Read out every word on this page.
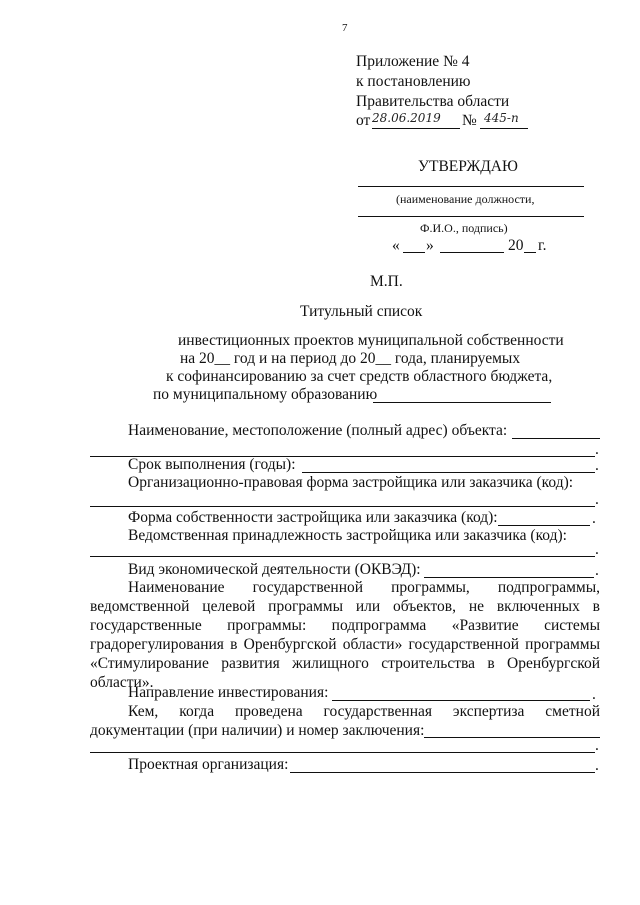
7
Приложение № 4
к постановлению
Правительства области
от 28.06.2019 № 445-п
УТВЕРЖДАЮ
(наименование должности,
Ф.И.О., подпись)
« »	20 г.
М.П.
Титульный список
инвестиционных проектов муниципальной собственности
на 20__ год и на период до 20__ года, планируемых
к софинансированию за счет средств областного бюджета,
по муниципальному образованию
Наименование, местоположение (полный адрес) объекта:
.
Срок выполнения (годы):	.
Организационно-правовая форма застройщика или заказчика (код):
.
Форма собственности застройщика или заказчика (код):	.
Ведомственная принадлежность застройщика или заказчика (код):
.
Вид экономической деятельности (ОКВЭД):	.
Наименование государственной программы, подпрограммы,
ведомственной целевой программы или объектов, не включенных в
государственные программы: подпрограмма «Развитие системы
градорегулирования в Оренбургской области» государственной программы
«Стимулирование развития жилищного строительства в Оренбургской
области».
Направление инвестирования:	.
Кем, когда проведена государственная экспертиза сметной
документации (при наличии) и номер заключения:
.
Проектная организация:	.
